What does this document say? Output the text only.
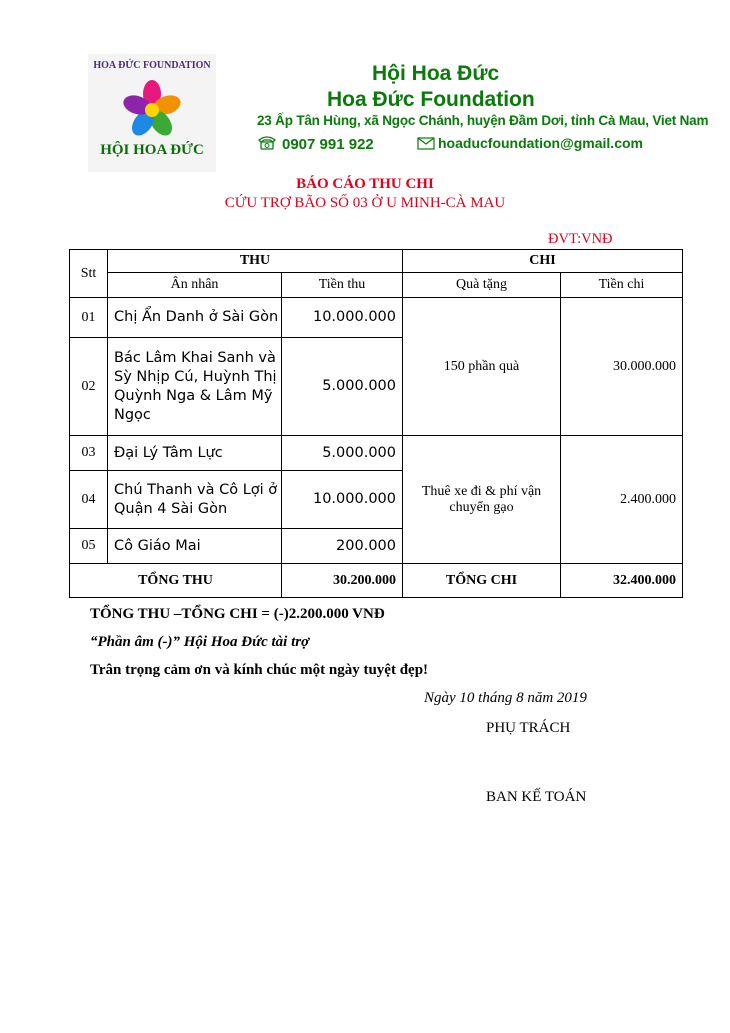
HOA ĐỨC FOUNDATION
HỘI HOA ĐỨC
Hội Hoa Đức
Hoa Đức Foundation
23 Ấp Tân Hùng, xã Ngọc Chánh, huyện Đầm Dơi, tỉnh Cà Mau, Viet Nam
0907 991 922	hoaducfoundation@gmail.com
BÁO CÁO THU CHI
CỨU TRỢ BÃO SỐ 03 Ở U MINH-CÀ MAU
ĐVT:VNĐ
Stt	THU		CHI	
	Ân nhân	Tiền thu	Quà tặng	Tiền chi
01	Chị Ẩn Danh ở Sài Gòn	10.000.000	150 phần quà	30.000.000
02	Bác Lâm Khai Sanh và Sỳ Nhịp Cú, Huỳnh Thị Quỳnh Nga & Lâm Mỹ Ngọc	5.000.000		
03	Đại Lý Tâm Lực	5.000.000	Thuê xe đi & phí vận chuyển gạo	2.400.000
04	Chú Thanh và Cô Lợi ở Quận 4 Sài Gòn	10.000.000		
05	Cô Giáo Mai	200.000		
TỔNG THU		30.200.000	TỔNG CHI	32.400.000
TỔNG THU –TỔNG CHI = (-)2.200.000 VNĐ
“Phần âm (-)” Hội Hoa Đức tài trợ
Trân trọng cảm ơn và kính chúc một ngày tuyệt đẹp!
Ngày 10 tháng 8 năm 2019
PHỤ TRÁCH
BAN KẾ TOÁN
